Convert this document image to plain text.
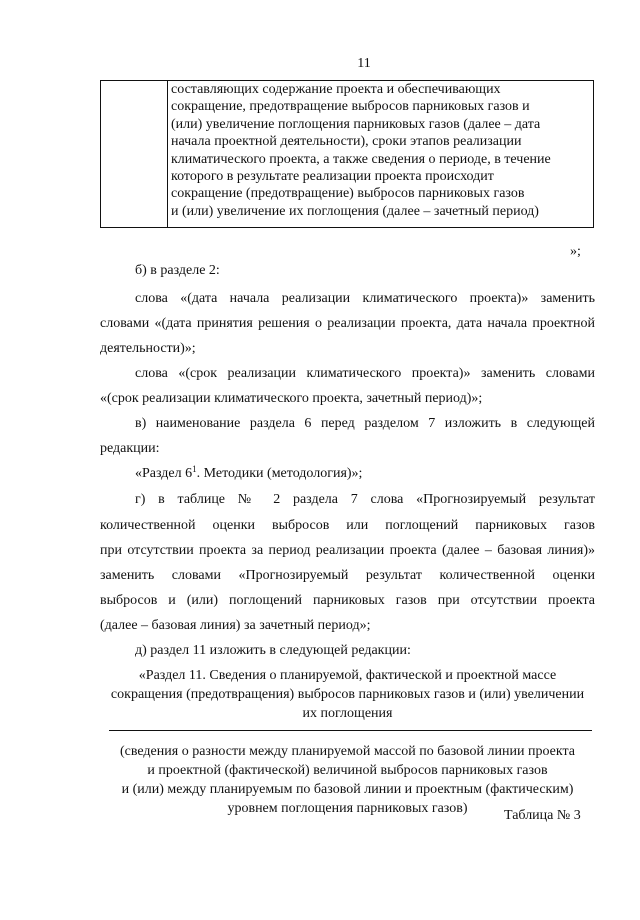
11
составляющих содержание проекта и обеспечивающих
сокращение, предотвращение выбросов парниковых газов и
(или) увеличение поглощения парниковых газов (далее – дата
начала проектной деятельности), сроки этапов реализации
климатического проекта, а также сведения о периоде, в течение
которого в результате реализации проекта происходит
сокращение (предотвращение) выбросов парниковых газов
и (или) увеличение их поглощения (далее – зачетный период)
»;
б) в разделе 2:
слова «(дата начала реализации климатического проекта)» заменить
словами «(дата принятия решения о реализации проекта, дата начала проектной
деятельности)»;
слова «(срок реализации климатического проекта)» заменить словами
«(срок реализации климатического проекта, зачетный период)»;
в) наименование раздела 6 перед разделом 7 изложить в следующей
редакции:
«Раздел $6^1$. Методики (методология)»;
г) в таблице № 2 раздела 7 слова «Прогнозируемый результат
количественной оценки выбросов или поглощений парниковых газов
при отсутствии проекта за период реализации проекта (далее – базовая линия)»
заменить словами «Прогнозируемый результат количественной оценки
выбросов и (или) поглощений парниковых газов при отсутствии проекта
(далее – базовая линия) за зачетный период»;
д) раздел 11 изложить в следующей редакции:
«Раздел 11. Сведения о планируемой, фактической и проектной массе
сокращения (предотвращения) выбросов парниковых газов и (или) увеличении
их поглощения
(сведения о разности между планируемой массой по базовой линии проекта
и проектной (фактической) величиной выбросов парниковых газов
и (или) между планируемым по базовой линии и проектным (фактическим)
уровнем поглощения парниковых газов)	Таблица № 3
